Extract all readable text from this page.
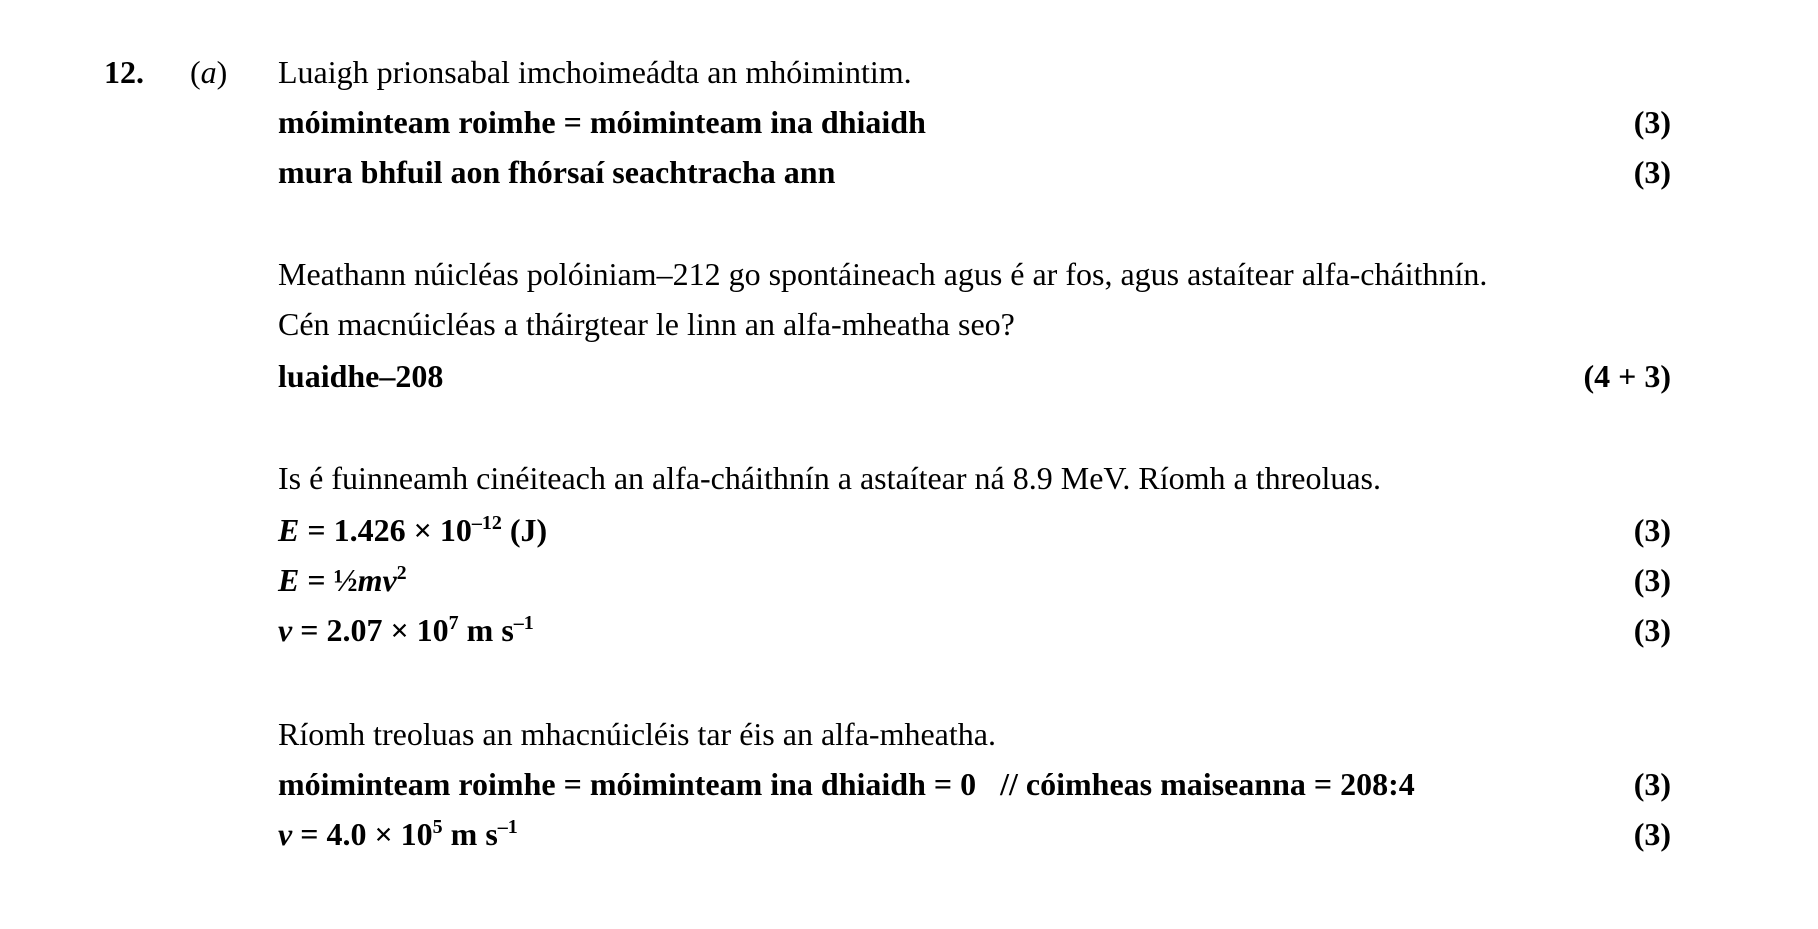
12. (a) Luaigh prionsabal imchoimeádta an mhóimintim.
móiminteam roimhe = móiminteam ina dhiaidh	(3)
mura bhfuil aon fhórsaí seachtracha ann	(3)
Meathann núicléas polóiniam–212 go spontáineach agus é ar fos, agus astaítear alfa-cháithnín.
Cén macnúicléas a tháirgtear le linn an alfa-mheatha seo?
luaidhe–208	(4 + 3)
Is é fuinneamh cinéiteach an alfa-cháithnín a astaítear ná 8.9 MeV. Ríomh a threoluas.
$E = 1.426 \times 10^{-12}$ (J)	(3)
$E = \frac{1}{2}mv^2$	(3)
$v = 2.07 \times 10^7$ m $s^{-1}$	(3)
Ríomh treoluas an mhacnúicléis tar éis an alfa-mheatha.
móiminteam roimhe = móiminteam ina dhiaidh = 0   // cóimheas maiseanna = 208:4	(3)
$v = 4.0 \times 10^5$ m $s^{-1}$	(3)
